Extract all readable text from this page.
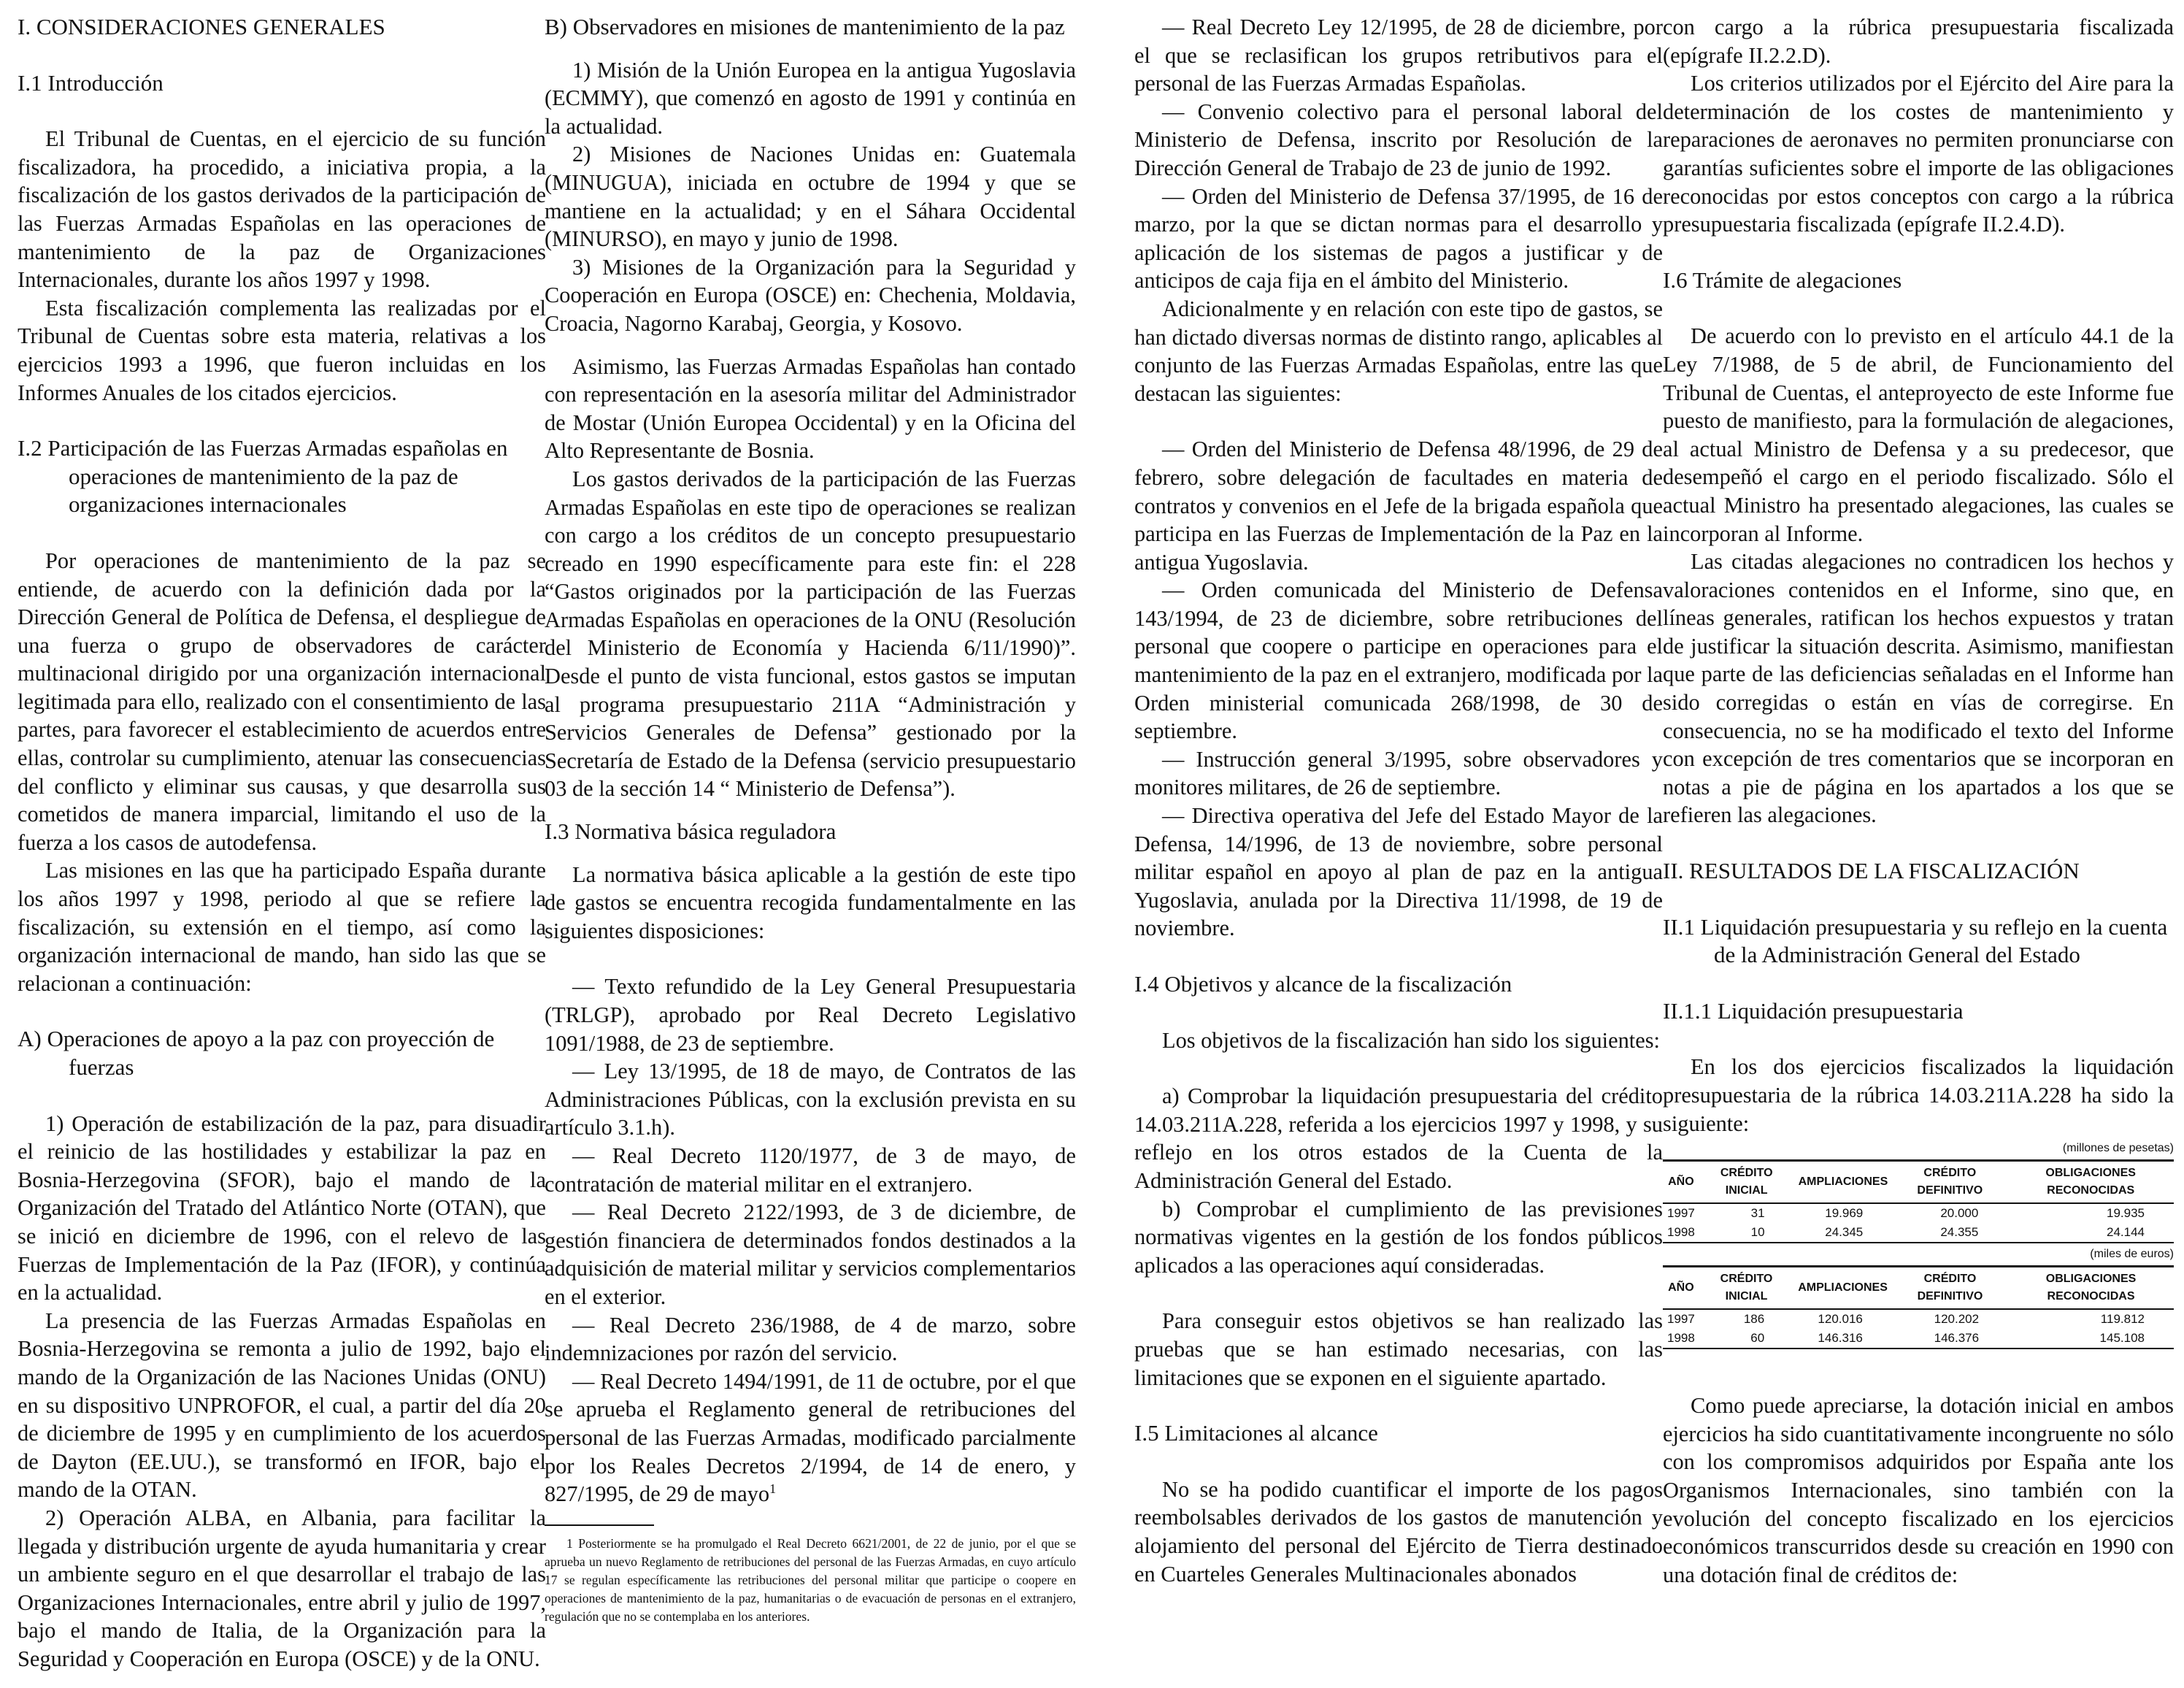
I. CONSIDERACIONES GENERALES
I.1 Introducción

El Tribunal de Cuentas, en el ejercicio de su función fiscalizadora, ha procedido, a iniciativa propia, a la fiscalización de los gastos derivados de la participación de las Fuerzas Armadas Españolas en las operaciones de mantenimiento de la paz de Organizaciones Internacionales, durante los años 1997 y 1998.

Esta fiscalización complementa las realizadas por el Tribunal de Cuentas sobre esta materia, relativas a los ejercicios 1993 a 1996, que fueron incluidas en los Informes Anuales de los citados ejercicios.

I.2 Participación de las Fuerzas Armadas españolas en operaciones de mantenimiento de la paz de organizaciones internacionales

Por operaciones de mantenimiento de la paz se entiende, de acuerdo con la definición dada por la Dirección General de Política de Defensa, el despliegue de una fuerza o grupo de observadores de carácter multinacional dirigido por una organización internacional legitimada para ello, realizado con el consentimiento de las partes, para favorecer el establecimiento de acuerdos entre ellas, controlar su cumplimiento, atenuar las consecuencias del conflicto y eliminar sus causas, y que desarrolla sus cometidos de manera imparcial, limitando el uso de la fuerza a los casos de autodefensa.

Las misiones en las que ha participado España durante los años 1997 y 1998, periodo al que se refiere la fiscalización, su extensión en el tiempo, así como la organización internacional de mando, han sido las que se relacionan a continuación:

A) Operaciones de apoyo a la paz con proyección de fuerzas

1) Operación de estabilización de la paz, para disuadir el reinicio de las hostilidades y estabilizar la paz en Bosnia-Herzegovina (SFOR), bajo el mando de la Organización del Tratado del Atlántico Norte (OTAN), que se inició en diciembre de 1996, con el relevo de las Fuerzas de Implementación de la Paz (IFOR), y continúa en la actualidad.

La presencia de las Fuerzas Armadas Españolas en Bosnia-Herzegovina se remonta a julio de 1992, bajo el mando de la Organización de las Naciones Unidas (ONU) en su dispositivo UNPROFOR, el cual, a partir del día 20 de diciembre de 1995 y en cumplimiento de los acuerdos de Dayton (EE.UU.), se transformó en IFOR, bajo el mando de la OTAN.

2) Operación ALBA, en Albania, para facilitar la llegada y distribución urgente de ayuda humanitaria y crear un ambiente seguro en el que desarrollar el trabajo de las Organizaciones Internacionales, entre abril y julio de 1997, bajo el mando de Italia, de la Organización para la Seguridad y Cooperación en Europa (OSCE) y de la ONU.

B) Observadores en misiones de mantenimiento de la paz

1) Misión de la Unión Europea en la antigua Yugoslavia (ECMMY), que comenzó en agosto de 1991 y continúa en la actualidad.

2) Misiones de Naciones Unidas en: Guatemala (MINUGUA), iniciada en octubre de 1994 y que se mantiene en la actualidad; y en el Sáhara Occidental (MINURSO), en mayo y junio de 1998.

3) Misiones de la Organización para la Seguridad y Cooperación en Europa (OSCE) en: Chechenia, Moldavia, Croacia, Nagorno Karabaj, Georgia, y Kosovo.

Asimismo, las Fuerzas Armadas Españolas han contado con representación en la asesoría militar del Administrador de Mostar (Unión Europea Occidental) y en la Oficina del Alto Representante de Bosnia.

Los gastos derivados de la participación de las Fuerzas Armadas Españolas en este tipo de operaciones se realizan con cargo a los créditos de un concepto presupuestario creado en 1990 específicamente para este fin: el 228 “Gastos originados por la participación de las Fuerzas Armadas Españolas en operaciones de la ONU (Resolución del Ministerio de Economía y Hacienda 6/11/1990)”. Desde el punto de vista funcional, estos gastos se imputan al programa presupuestario 211A “Administración y Servicios Generales de Defensa” gestionado por la Secretaría de Estado de la Defensa (servicio presupuestario 03 de la sección 14 “ Ministerio de Defensa”).

I.3 Normativa básica reguladora

La normativa básica aplicable a la gestión de este tipo de gastos se encuentra recogida fundamentalmente en las siguientes disposiciones:

— Texto refundido de la Ley General Presupuestaria (TRLGP), aprobado por Real Decreto Legislativo 1091/1988, de 23 de septiembre.

— Ley 13/1995, de 18 de mayo, de Contratos de las Administraciones Públicas, con la exclusión prevista en su artículo 3.1.h).

— Real Decreto 1120/1977, de 3 de mayo, de contratación de material militar en el extranjero.

— Real Decreto 2122/1993, de 3 de diciembre, de gestión financiera de determinados fondos destinados a la adquisición de material militar y servicios complementarios en el exterior.

— Real Decreto 236/1988, de 4 de marzo, sobre indemnizaciones por razón del servicio.

— Real Decreto 1494/1991, de 11 de octubre, por el que se aprueba el Reglamento general de retribuciones del personal de las Fuerzas Armadas, modificado parcialmente por los Reales Decretos 2/1994, de 14 de enero, y 827/1995, de 29 de mayo$^1$

1 Posteriormente se ha promulgado el Real Decreto 6621/2001, de 22 de junio, por el que se aprueba un nuevo Reglamento de retribuciones del personal de las Fuerzas Armadas, en cuyo artículo 17 se regulan específicamente las retribuciones del personal militar que participe o coopere en operaciones de mantenimiento de la paz, humanitarias o de evacuación de personas en el extranjero, regulación que no se contemplaba en los anteriores.

— Real Decreto Ley 12/1995, de 28 de diciembre, por el que se reclasifican los grupos retributivos para el personal de las Fuerzas Armadas Españolas.

— Convenio colectivo para el personal laboral del Ministerio de Defensa, inscrito por Resolución de la Dirección General de Trabajo de 23 de junio de 1992.

— Orden del Ministerio de Defensa 37/1995, de 16 de marzo, por la que se dictan normas para el desarrollo y aplicación de los sistemas de pagos a justificar y de anticipos de caja fija en el ámbito del Ministerio.

Adicionalmente y en relación con este tipo de gastos, se han dictado diversas normas de distinto rango, aplicables al conjunto de las Fuerzas Armadas Españolas, entre las que destacan las siguientes:

— Orden del Ministerio de Defensa 48/1996, de 29 de febrero, sobre delegación de facultades en materia de contratos y convenios en el Jefe de la brigada española que participa en las Fuerzas de Implementación de la Paz en la antigua Yugoslavia.

— Orden comunicada del Ministerio de Defensa 143/1994, de 23 de diciembre, sobre retribuciones del personal que coopere o participe en operaciones para el mantenimiento de la paz en el extranjero, modificada por la Orden ministerial comunicada 268/1998, de 30 de septiembre.

— Instrucción general 3/1995, sobre observadores y monitores militares, de 26 de septiembre.

— Directiva operativa del Jefe del Estado Mayor de la Defensa, 14/1996, de 13 de noviembre, sobre personal militar español en apoyo al plan de paz en la antigua Yugoslavia, anulada por la Directiva 11/1998, de 19 de noviembre.

I.4 Objetivos y alcance de la fiscalización

Los objetivos de la fiscalización han sido los siguientes:

a) Comprobar la liquidación presupuestaria del crédito 14.03.211A.228, referida a los ejercicios 1997 y 1998, y su reflejo en los otros estados de la Cuenta de la Administración General del Estado.

b) Comprobar el cumplimiento de las previsiones normativas vigentes en la gestión de los fondos públicos aplicados a las operaciones aquí consideradas.

Para conseguir estos objetivos se han realizado las pruebas que se han estimado necesarias, con las limitaciones que se exponen en el siguiente apartado.

I.5 Limitaciones al alcance

No se ha podido cuantificar el importe de los pagos reembolsables derivados de los gastos de manutención y alojamiento del personal del Ejército de Tierra destinado en Cuarteles Generales Multinacionales abonados

con cargo a la rúbrica presupuestaria fiscalizada (epígrafe II.2.2.D).

Los criterios utilizados por el Ejército del Aire para la determinación de los costes de mantenimiento y reparaciones de aeronaves no permiten pronunciarse con garantías suficientes sobre el importe de las obligaciones reconocidas por estos conceptos con cargo a la rúbrica presupuestaria fiscalizada (epígrafe II.2.4.D).

I.6 Trámite de alegaciones

De acuerdo con lo previsto en el artículo 44.1 de la Ley 7/1988, de 5 de abril, de Funcionamiento del Tribunal de Cuentas, el anteproyecto de este Informe fue puesto de manifiesto, para la formulación de alegaciones, al actual Ministro de Defensa y a su predecesor, que desempeñó el cargo en el periodo fiscalizado. Sólo el actual Ministro ha presentado alegaciones, las cuales se incorporan al Informe.

Las citadas alegaciones no contradicen los hechos y valoraciones contenidos en el Informe, sino que, en líneas generales, ratifican los hechos expuestos y tratan de justificar la situación descrita. Asimismo, manifiestan que parte de las deficiencias señaladas en el Informe han sido corregidas o están en vías de corregirse. En consecuencia, no se ha modificado el texto del Informe con excepción de tres comentarios que se incorporan en notas a pie de página en los apartados a los que se refieren las alegaciones.

II. RESULTADOS DE LA FISCALIZACIÓN
II.1 Liquidación presupuestaria y su reflejo en la cuenta de la Administración General del Estado
II.1.1 Liquidación presupuestaria

En los dos ejercicios fiscalizados la liquidación presupuestaria de la rúbrica 14.03.211A.228 ha sido la siguiente:

(millones de pesetas)
AÑO	CRÉDITO INICIAL	AMPLIACIONES	CRÉDITO DEFINITIVO	OBLIGACIONES RECONOCIDAS
1997	31	19.969	20.000	19.935
1998	10	24.345	24.355	24.144
(miles de euros)
AÑO	CRÉDITO INICIAL	AMPLIACIONES	CRÉDITO DEFINITIVO	OBLIGACIONES RECONOCIDAS
1997	186	120.016	120.202	119.812
1998	60	146.316	146.376	145.108

Como puede apreciarse, la dotación inicial en ambos ejercicios ha sido cuantitativamente incongruente no sólo con los compromisos adquiridos por España ante los Organismos Internacionales, sino también con la evolución del concepto fiscalizado en los ejercicios económicos transcurridos desde su creación en 1990 con una dotación final de créditos de:
